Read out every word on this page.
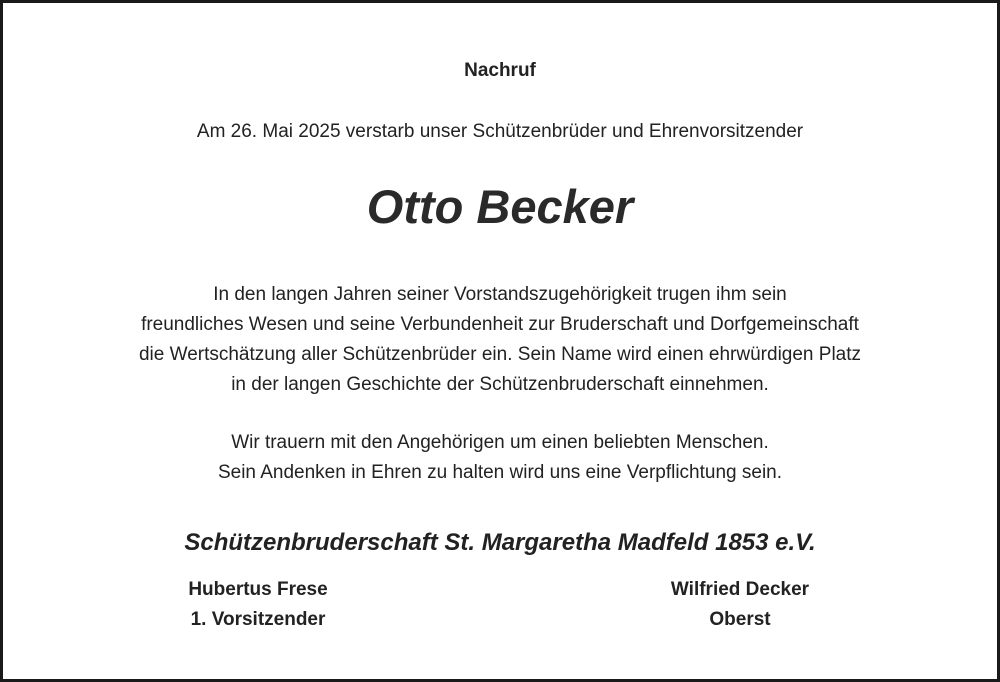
Nachruf
Am 26. Mai 2025 verstarb unser Schützenbrüder und Ehrenvorsitzender
Otto Becker
In den langen Jahren seiner Vorstandszugehörigkeit trugen ihm sein
freundliches Wesen und seine Verbundenheit zur Bruderschaft und Dorfgemeinschaft
die Wertschätzung aller Schützenbrüder ein. Sein Name wird einen ehrwürdigen Platz
in der langen Geschichte der Schützenbruderschaft einnehmen.
Wir trauern mit den Angehörigen um einen beliebten Menschen.
Sein Andenken in Ehren zu halten wird uns eine Verpflichtung sein.
Schützenbruderschaft St. Margaretha Madfeld 1853 e.V.
Hubertus Frese
1. Vorsitzender
Wilfried Decker
Oberst
